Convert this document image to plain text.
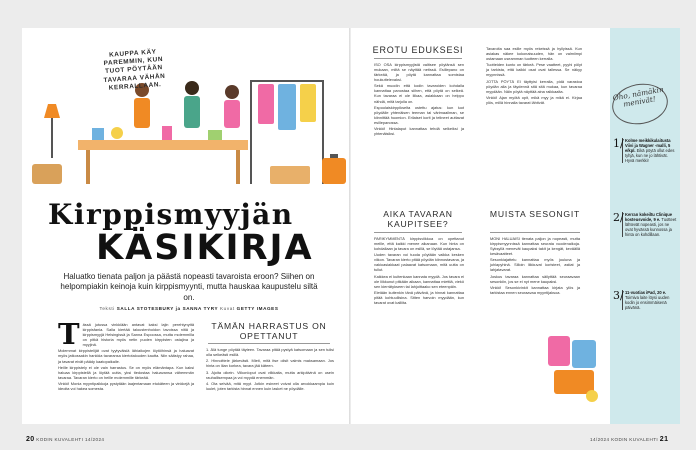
KAUPPA KÄY PAREMMIN, KUN TUOT PÖYTÄÄN TAVARAA VÄHÄN KERRALLAAN.
Kirppismyyjän
KÄSIKIRJA
Haluatko tienata paljon ja päästä nopeasti tavaroista eroon? Siihen on helpompiakin keinoja kuin kirppismyynti, mutta hauskaa kaupustelu siltä on.
Teksti SALLA STOTESBURY ja SANNA TYRY Kuvat GETTY IMAGES
T ässä jutussa vinkkiään antavat kaksi lajin perehtynyttä kirppisfania. Salla kiertää taloustenhoidon tavoissa niitä ja kirppismyyjä Helsingissä ja Sanna Espoossa, mutta molemmilla on pitkä historia myös netin puolen kirppisten ostajina ja myyjinä.

Molemmat kirppistelijät ovat tyytyväisiä lähiaikojen löytöihinsä ja haluavat myös jatkossakin hankkia tavaransa kiertotalouden kautta. Niin säästyy rahaa, ja tavarat eivät päädy kaatopaikalle.

Heille kirppistely ei ole vain harrastus. Se on myös elämäntapa. Kun kaksi haluaa kirppistellä ja löytää uutta, yksi tiedostaa haluavansa vähemmän tavaraa. Tavaran kierto on heille molemmille tärkeää.

Vinkki! Monia myyntipaikkoja pystytään laajentamaan etukäteen ja vinkkejä ja ideoita voi hakea somesta.

TÄMÄN HARRASTUS ON OPETTANUT

1. Älä tunge pöytää täyteen. Tavaraa pitää pystyä katsomaan ja sen tulisi olla selkeästi esillä.

2. Hinnoittele järkevästi. Mieti, mitä itse olisit valmis maksamaan. Jos hinta on liian korkea, tavara jää käteen.

3. Ajoita oikein. Viikonloput ovat vilkkaita, mutta arkipäivinä on usein rauhallisempaa ja voi myydä enemmän.

4. Ota selvää, mitä myyt. Jotkin esineet voivat olla arvokkaampia kuin luulet, joten tarkista hinnat ennen kuin lasket ne pöydälle.

EROTU EDUKSESI

ISO OSA kirppismyyjistä valitsee pöytänsä sen mukaan, miltä se näyttää netissä. Esillepano on tärkeää, ja pöytä kannattaa somistaa houkuttelevaksi.

Sekä muodin että kodin tavaroiden kohdalla kannattaa panostaa siihen, että pöytä on selkeä. Kun tavaraa ei ole liikaa, asiakkaan on helppo nähdä, mitä tarjolla on.

Espoolaiskirppikselta ostettu ajatus: kun luot pöydälle yhtenäisen teeman tai värimaailman, se kiinnittää huomion. Erilaiset korit ja telineet auttavat esillepanossa.

Vinkki! Hintalaput kannattaa tehdä selkeiksi ja yhtenäisiksi.

Tavaroita saa esille myös rekeissä ja hyllyissä. Kun asiakas näkee kokonaisuuden, hän on valmiimpi ostamaan useamman tuotteen kerralla.

Tuotteiden kunto on tärkeä. Pese vaatteet, pyyhi pölyt ja tarkista, että kaikki osat ovat tallessa. Se näkyy myynnissä.

JOTTA PÖYTÄ EI täyttyisi kerralla, pidä varastoa pöydän alla ja täydennä sitä sitä mukaa, kun tavaraa myydään. Näin pöytä näyttää aina raikkaalta.

Vinkki! Ajan myötä opit, mikä myy ja mikä ei. Kirjaa ylös, millä hinnalla tavarat lähtivät.

AIKA TAVARAN KAUPITSEE?

PARIKYMMENTÄ kirppisviikkoa on opettanut meille, että kaikki menee aikanaan. Kun hinta on kohdallaan ja tavara on esillä, se löytää ostajansa.

Uuden tavaran voi tuoda pöytään vaikka kesken viikon. Tavaran kierto pitää pöydän kiinnostavana, ja vakioasiakkaat palaavat katsomaan, mitä uutta on tullut.

Kaikkea ei kuitenkaan kannata myydä. Jos tavara ei ole liikkunut pitkään aikaan, kannattaa miettiä, viekö sen kierrätykseen tai lahjoittaako sen eteenpäin.

Eletään kuitenkin tänä päivänä, ja hinnat kannattaa pitää kohtuullisina. Sitten harvoin myydään, kun tavarat ovat kalliita.

MUISTA SESONGIT

MONI HALUAISI tienata paljon ja nopeasti, mutta kirppismyynnissä kannattaa seurata vuodenaikoja. Syksyllä menevät kaupaksi takit ja kengät, keväällä kesävaatteet.

Sesonkiajattelu kannattaa myös jouluna ja juhlapyhinä. Silloin liikkuvat koristeet, astiat ja lahjatavarat.

Joskus tavaraa kannattaa säilyttää seuraavaan sesonkiin, jos se ei nyt mene kaupaksi.

Vinkki! Sesonkivinkit kannattaa kirjata ylös ja tarkistaa ennen seuraavaa myyntijaksoa.

Oho, nämäkin menivät!
1/ Kolme meikkikulaitusta Viivi ja Wagner -malli, 5 e/kpl. Eikä pöytä ollut edes tyhjä, kun ne jo lähtivät. Hyvä merkki!
2/ Kerran kokeiltu Clinique kosteusvoide, 9 e. Tuotteet lähtevät nopeasti, jos ne ovat hyvässä kunnossa ja hinta on kohdillaan.
3/ 11-vuotias iPad, 20 e. Toimiva laite löysi uuden kodin jo ensimmäisenä päivänä.
20 KODIN KUVALEHTI 14/2024	14/2024 KODIN KUVALEHTI 21
